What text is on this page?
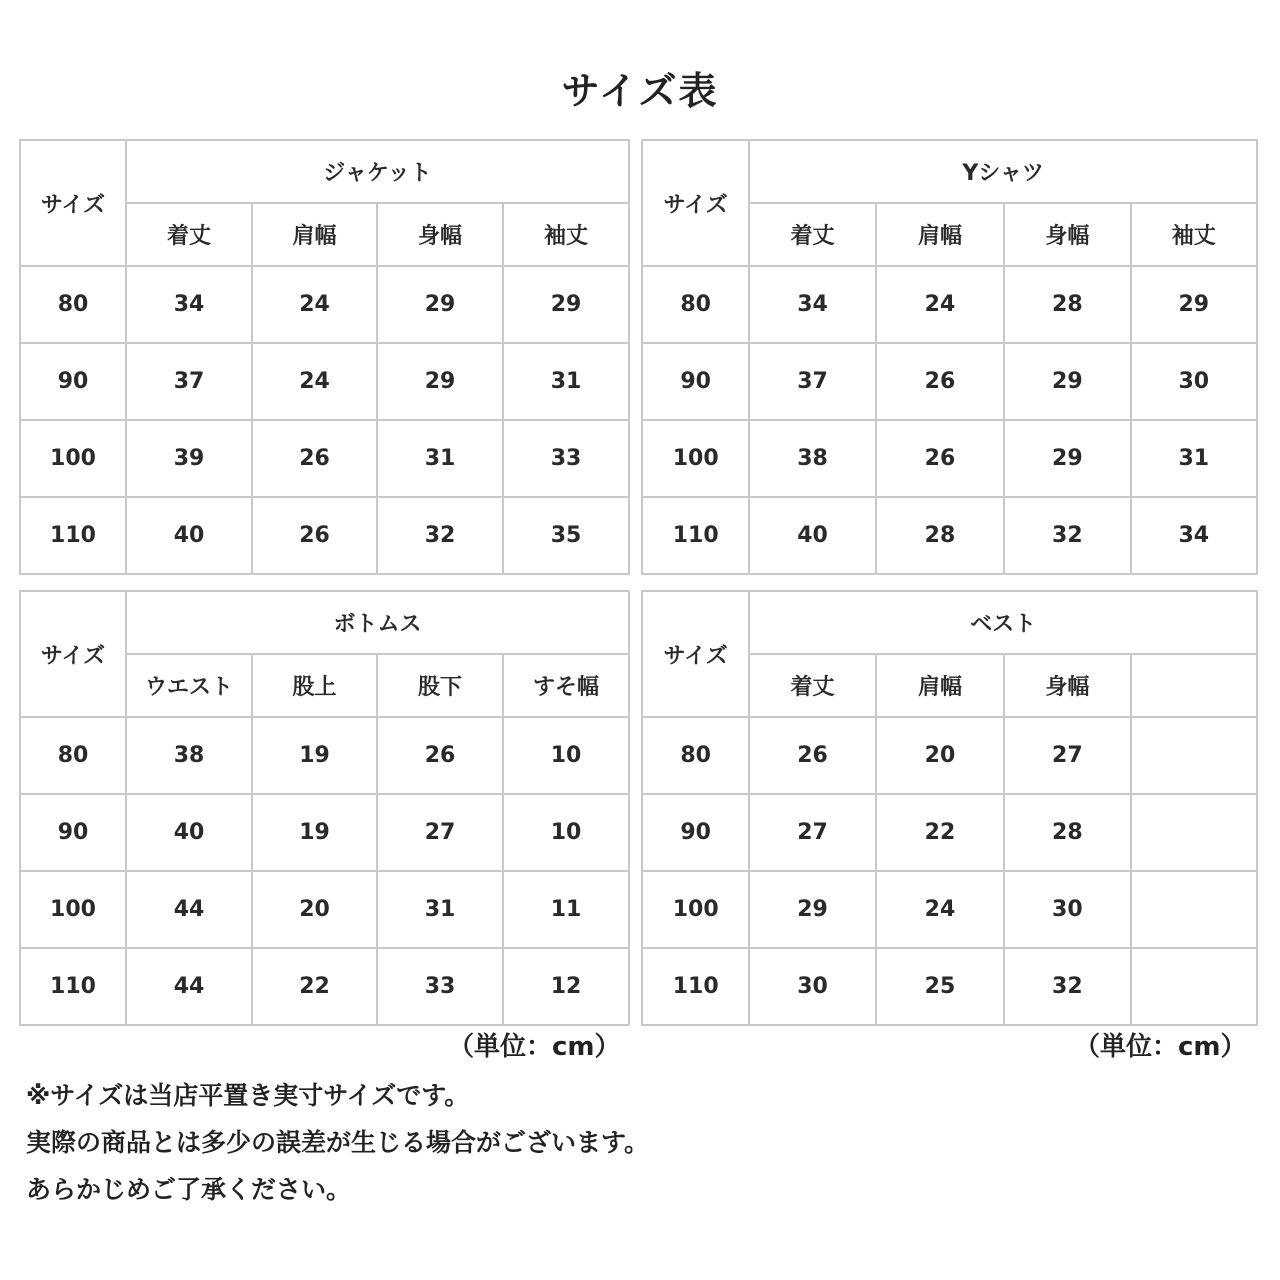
サイズ表
サイズ	ジャケット			
	着丈	肩幅	身幅	袖丈
80	34	24	29	29
90	37	24	29	31
100	39	26	31	33
110	40	26	32	35
サイズ	Yシャツ			
	着丈	肩幅	身幅	袖丈
80	34	24	28	29
90	37	26	29	30
100	38	26	29	31
110	40	28	32	34
サイズ	ボトムス			
	ウエスト	股上	股下	すそ幅
80	38	19	26	10
90	40	19	27	10
100	44	20	31	11
110	44	22	33	12
サイズ	ベスト			
	着丈	肩幅	身幅	
80	26	20	27	
90	27	22	28	
100	29	24	30	
110	30	25	32	
（単位：cm）	（単位：cm）
※サイズは当店平置き実寸サイズです。
実際の商品とは多少の誤差が生じる場合がございます。
あらかじめご了承ください。
